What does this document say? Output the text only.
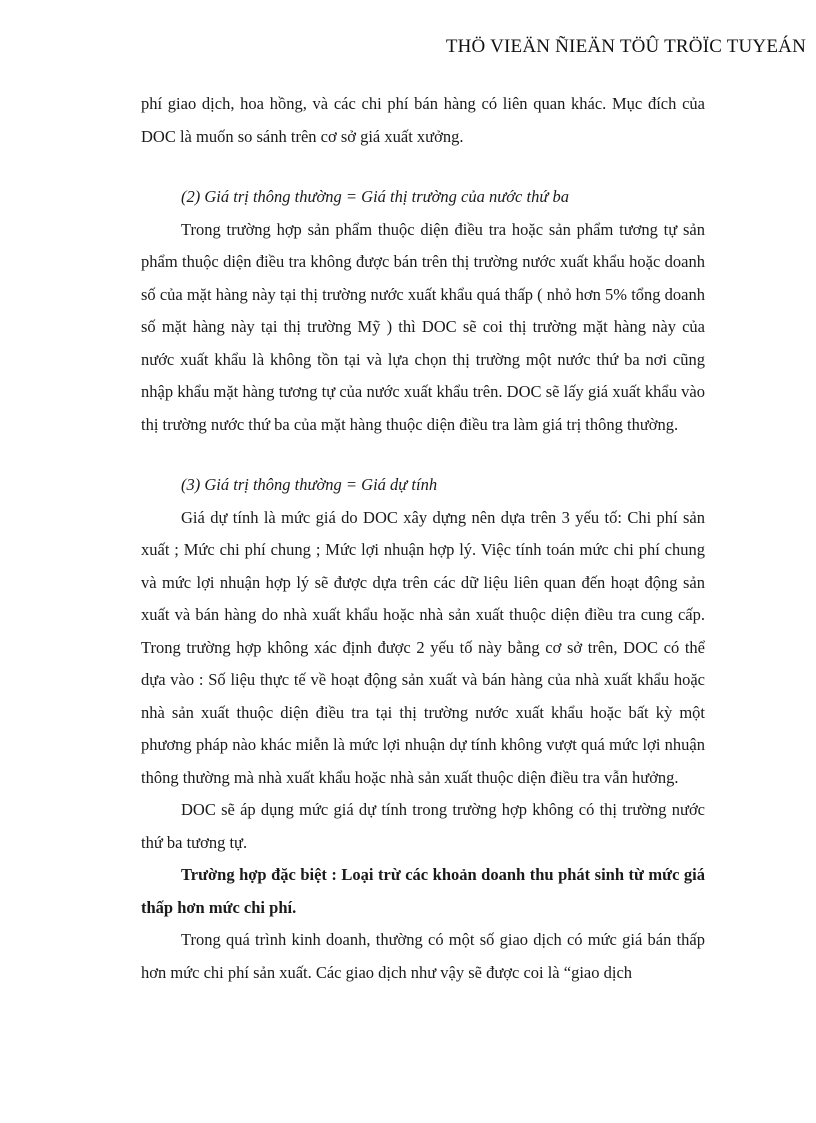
THÖ VIEÄN ÑIEÄN TÖÛ TRÖÏC TUYEÁN

phí giao dịch, hoa hồng, và các chi phí bán hàng có liên quan khác. Mục đích của DOC là muốn so sánh trên cơ sở giá xuất xưởng.

(2) Giá trị thông thường = Giá thị trường của nước thứ ba

Trong trường hợp sản phẩm thuộc diện điều tra hoặc sản phẩm tương tự sản phẩm thuộc diện điều tra không được bán trên thị trường nước xuất khẩu hoặc doanh số của mặt hàng này tại thị trường nước xuất khẩu quá thấp ( nhỏ hơn 5% tổng doanh số mặt hàng này tại thị trường Mỹ ) thì DOC sẽ coi thị trường mặt hàng này của nước xuất khẩu là không tồn tại và lựa chọn thị trường một nước thứ ba nơi cũng nhập khẩu mặt hàng tương tự của nước xuất khẩu trên. DOC sẽ lấy giá xuất khẩu vào thị trường nước thứ ba của mặt hàng thuộc diện điều tra làm giá trị thông thường.

(3) Giá trị thông thường = Giá dự tính

Giá dự tính là mức giá do DOC xây dựng nên dựa trên 3 yếu tố: Chi phí sản xuất ; Mức chi phí chung ; Mức lợi nhuận hợp lý. Việc tính toán mức chi phí chung và mức lợi nhuận hợp lý sẽ được dựa trên các dữ liệu liên quan đến hoạt động sản xuất và bán hàng do nhà xuất khẩu hoặc nhà sản xuất thuộc diện điều tra cung cấp. Trong trường hợp không xác định được 2 yếu tố này bằng cơ sở trên, DOC có thể dựa vào : Số liệu thực tế về hoạt động sản xuất và bán hàng của nhà xuất khẩu hoặc nhà sản xuất thuộc diện điều tra tại thị trường nước xuất khẩu hoặc bất kỳ một phương pháp nào khác miễn là mức lợi nhuận dự tính không vượt quá mức lợi nhuận thông thường mà nhà xuất khẩu hoặc nhà sản xuất thuộc diện điều tra vẫn hưởng.

DOC sẽ áp dụng mức giá dự tính trong trường hợp không có thị trường nước thứ ba tương tự.

Trường hợp đặc biệt : Loại trừ các khoản doanh thu phát sinh từ mức giá thấp hơn mức chi phí.

Trong quá trình kinh doanh, thường có một số giao dịch có mức giá bán thấp hơn mức chi phí sản xuất. Các giao dịch như vậy sẽ được coi là “giao dịch
